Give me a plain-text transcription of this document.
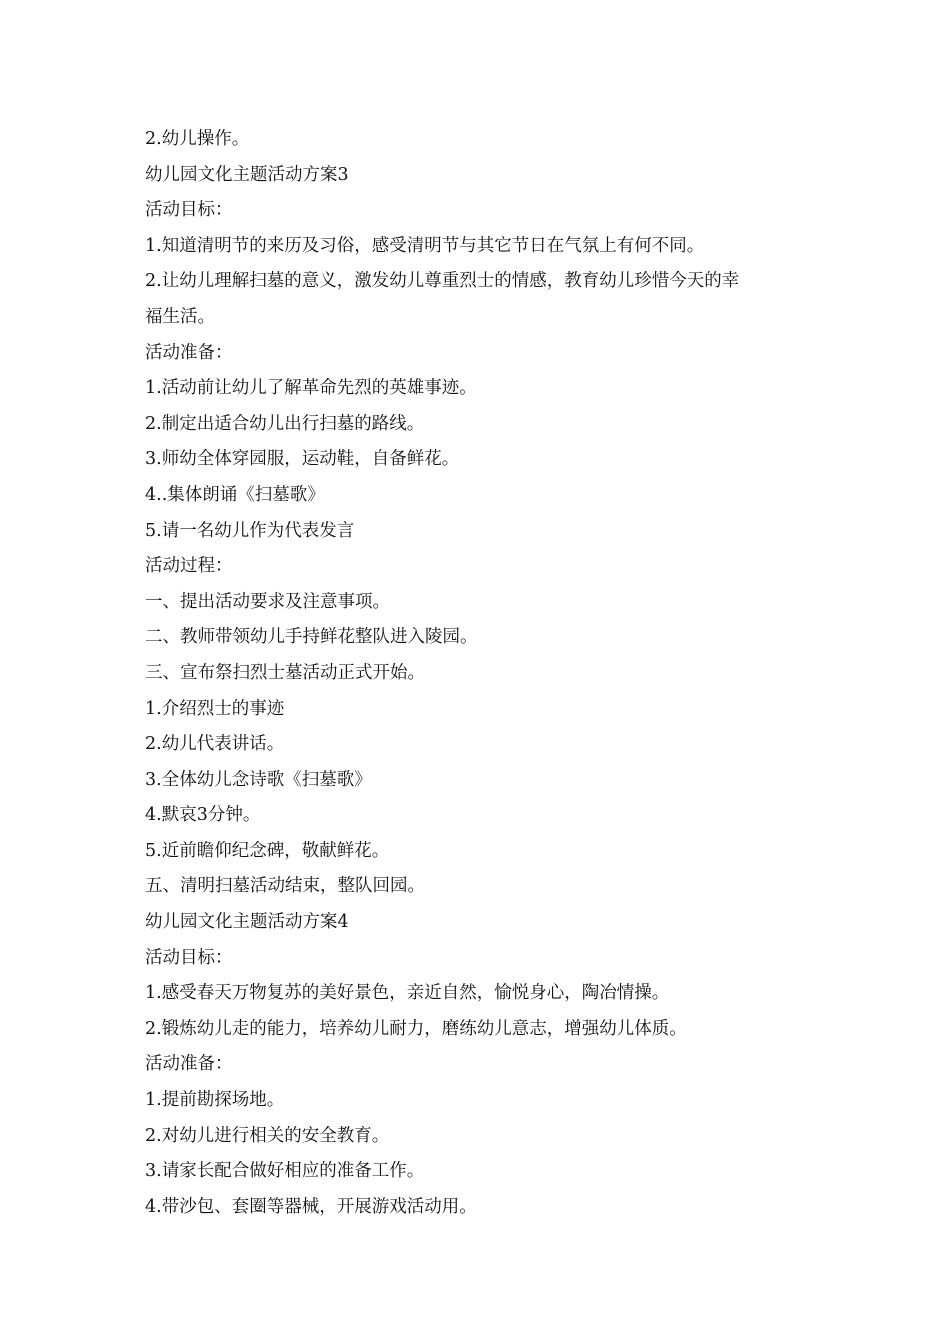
2.幼儿操作。
幼儿园文化主题活动方案3
活动目标：
1.知道清明节的来历及习俗，感受清明节与其它节日在气氛上有何不同。
2.让幼儿理解扫墓的意义，激发幼儿尊重烈士的情感，教育幼儿珍惜今天的幸
福生活。
活动准备：
1.活动前让幼儿了解革命先烈的英雄事迹。
2.制定出适合幼儿出行扫墓的路线。
3.师幼全体穿园服，运动鞋，自备鲜花。
4..集体朗诵《扫墓歌》
5.请一名幼儿作为代表发言
活动过程：
一、提出活动要求及注意事项。
二、教师带领幼儿手持鲜花整队进入陵园。
三、宣布祭扫烈士墓活动正式开始。
1.介绍烈士的事迹
2.幼儿代表讲话。
3.全体幼儿念诗歌《扫墓歌》
4.默哀3分钟。
5.近前瞻仰纪念碑，敬献鲜花。
五、清明扫墓活动结束，整队回园。
幼儿园文化主题活动方案4
活动目标：
1.感受春天万物复苏的美好景色，亲近自然，愉悦身心，陶冶情操。
2.锻炼幼儿走的能力，培养幼儿耐力，磨练幼儿意志，增强幼儿体质。
活动准备：
1.提前勘探场地。
2.对幼儿进行相关的安全教育。
3.请家长配合做好相应的准备工作。
4.带沙包、套圈等器械，开展游戏活动用。
